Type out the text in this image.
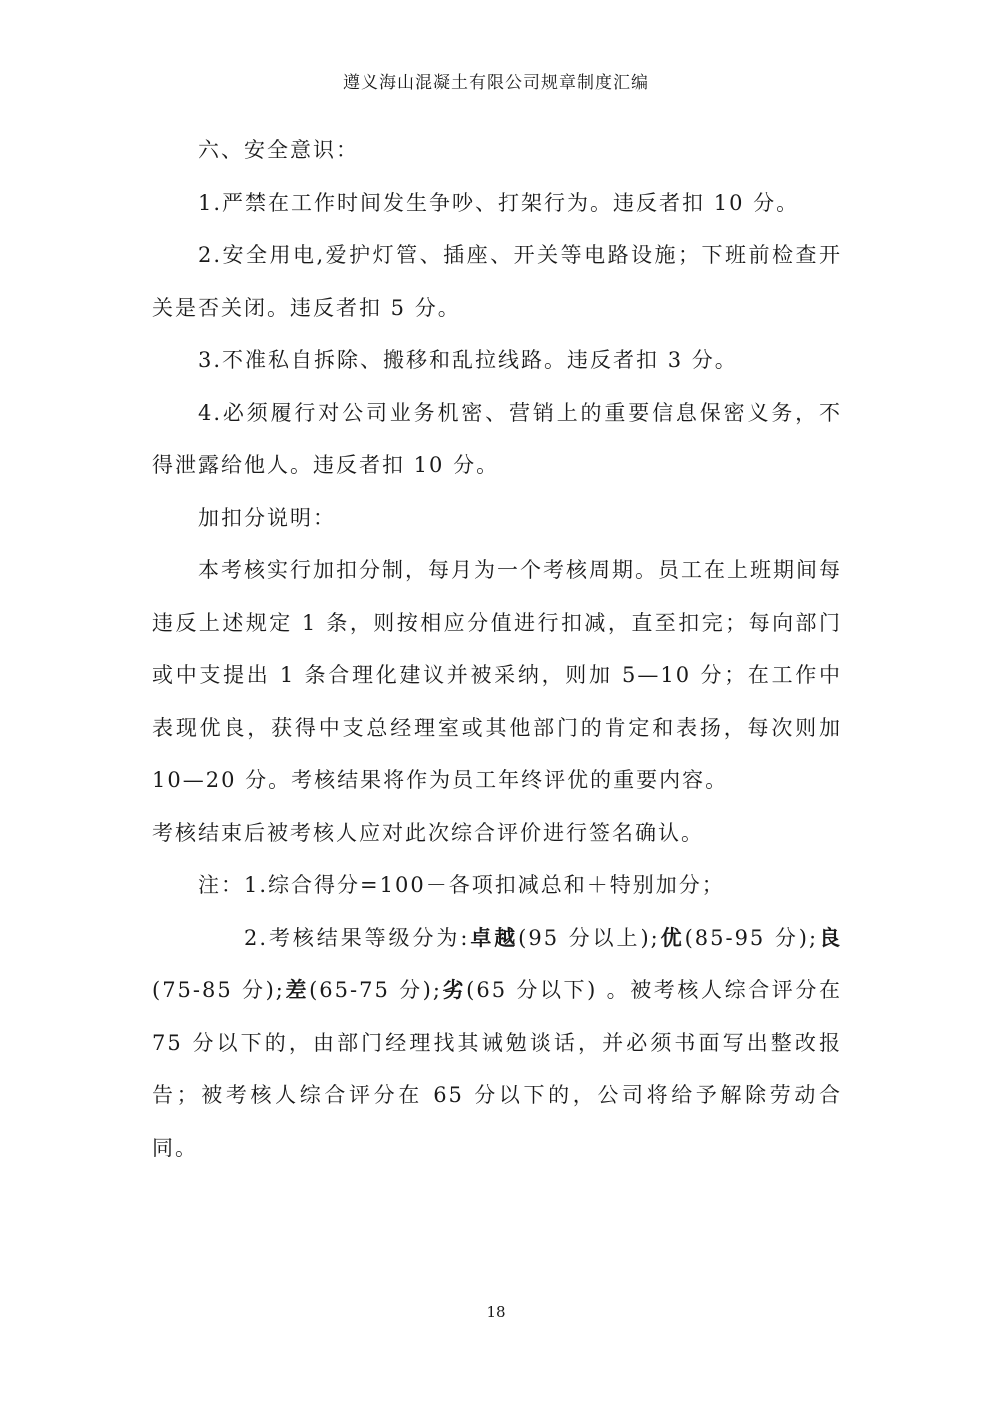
遵义海山混凝土有限公司规章制度汇编

六、安全意识：

1.严禁在工作时间发生争吵、打架行为。违反者扣 10 分。

2.安全用电,爱护灯管、插座、开关等电路设施；下班前检查开关是否关闭。违反者扣 5 分。

3.不准私自拆除、搬移和乱拉线路。违反者扣 3 分。

4.必须履行对公司业务机密、营销上的重要信息保密义务，不得泄露给他人。违反者扣 10 分。

加扣分说明：

本考核实行加扣分制，每月为一个考核周期。员工在上班期间每违反上述规定 1 条，则按相应分值进行扣减，直至扣完；每向部门或中支提出 1 条合理化建议并被采纳，则加 5—10 分；在工作中表现优良，获得中支总经理室或其他部门的肯定和表扬，每次则加 10—20 分。考核结果将作为员工年终评优的重要内容。

考核结束后被考核人应对此次综合评价进行签名确认。

注：1.综合得分=100－各项扣减总和＋特别加分；

2.考核结果等级分为:卓越(95 分以上);优(85-95 分);良(75-85 分);差(65-75 分);劣(65 分以下) 。被考核人综合评分在 75 分以下的，由部门经理找其诫勉谈话，并必须书面写出整改报告；被考核人综合评分在 65 分以下的，公司将给予解除劳动合同。

18
